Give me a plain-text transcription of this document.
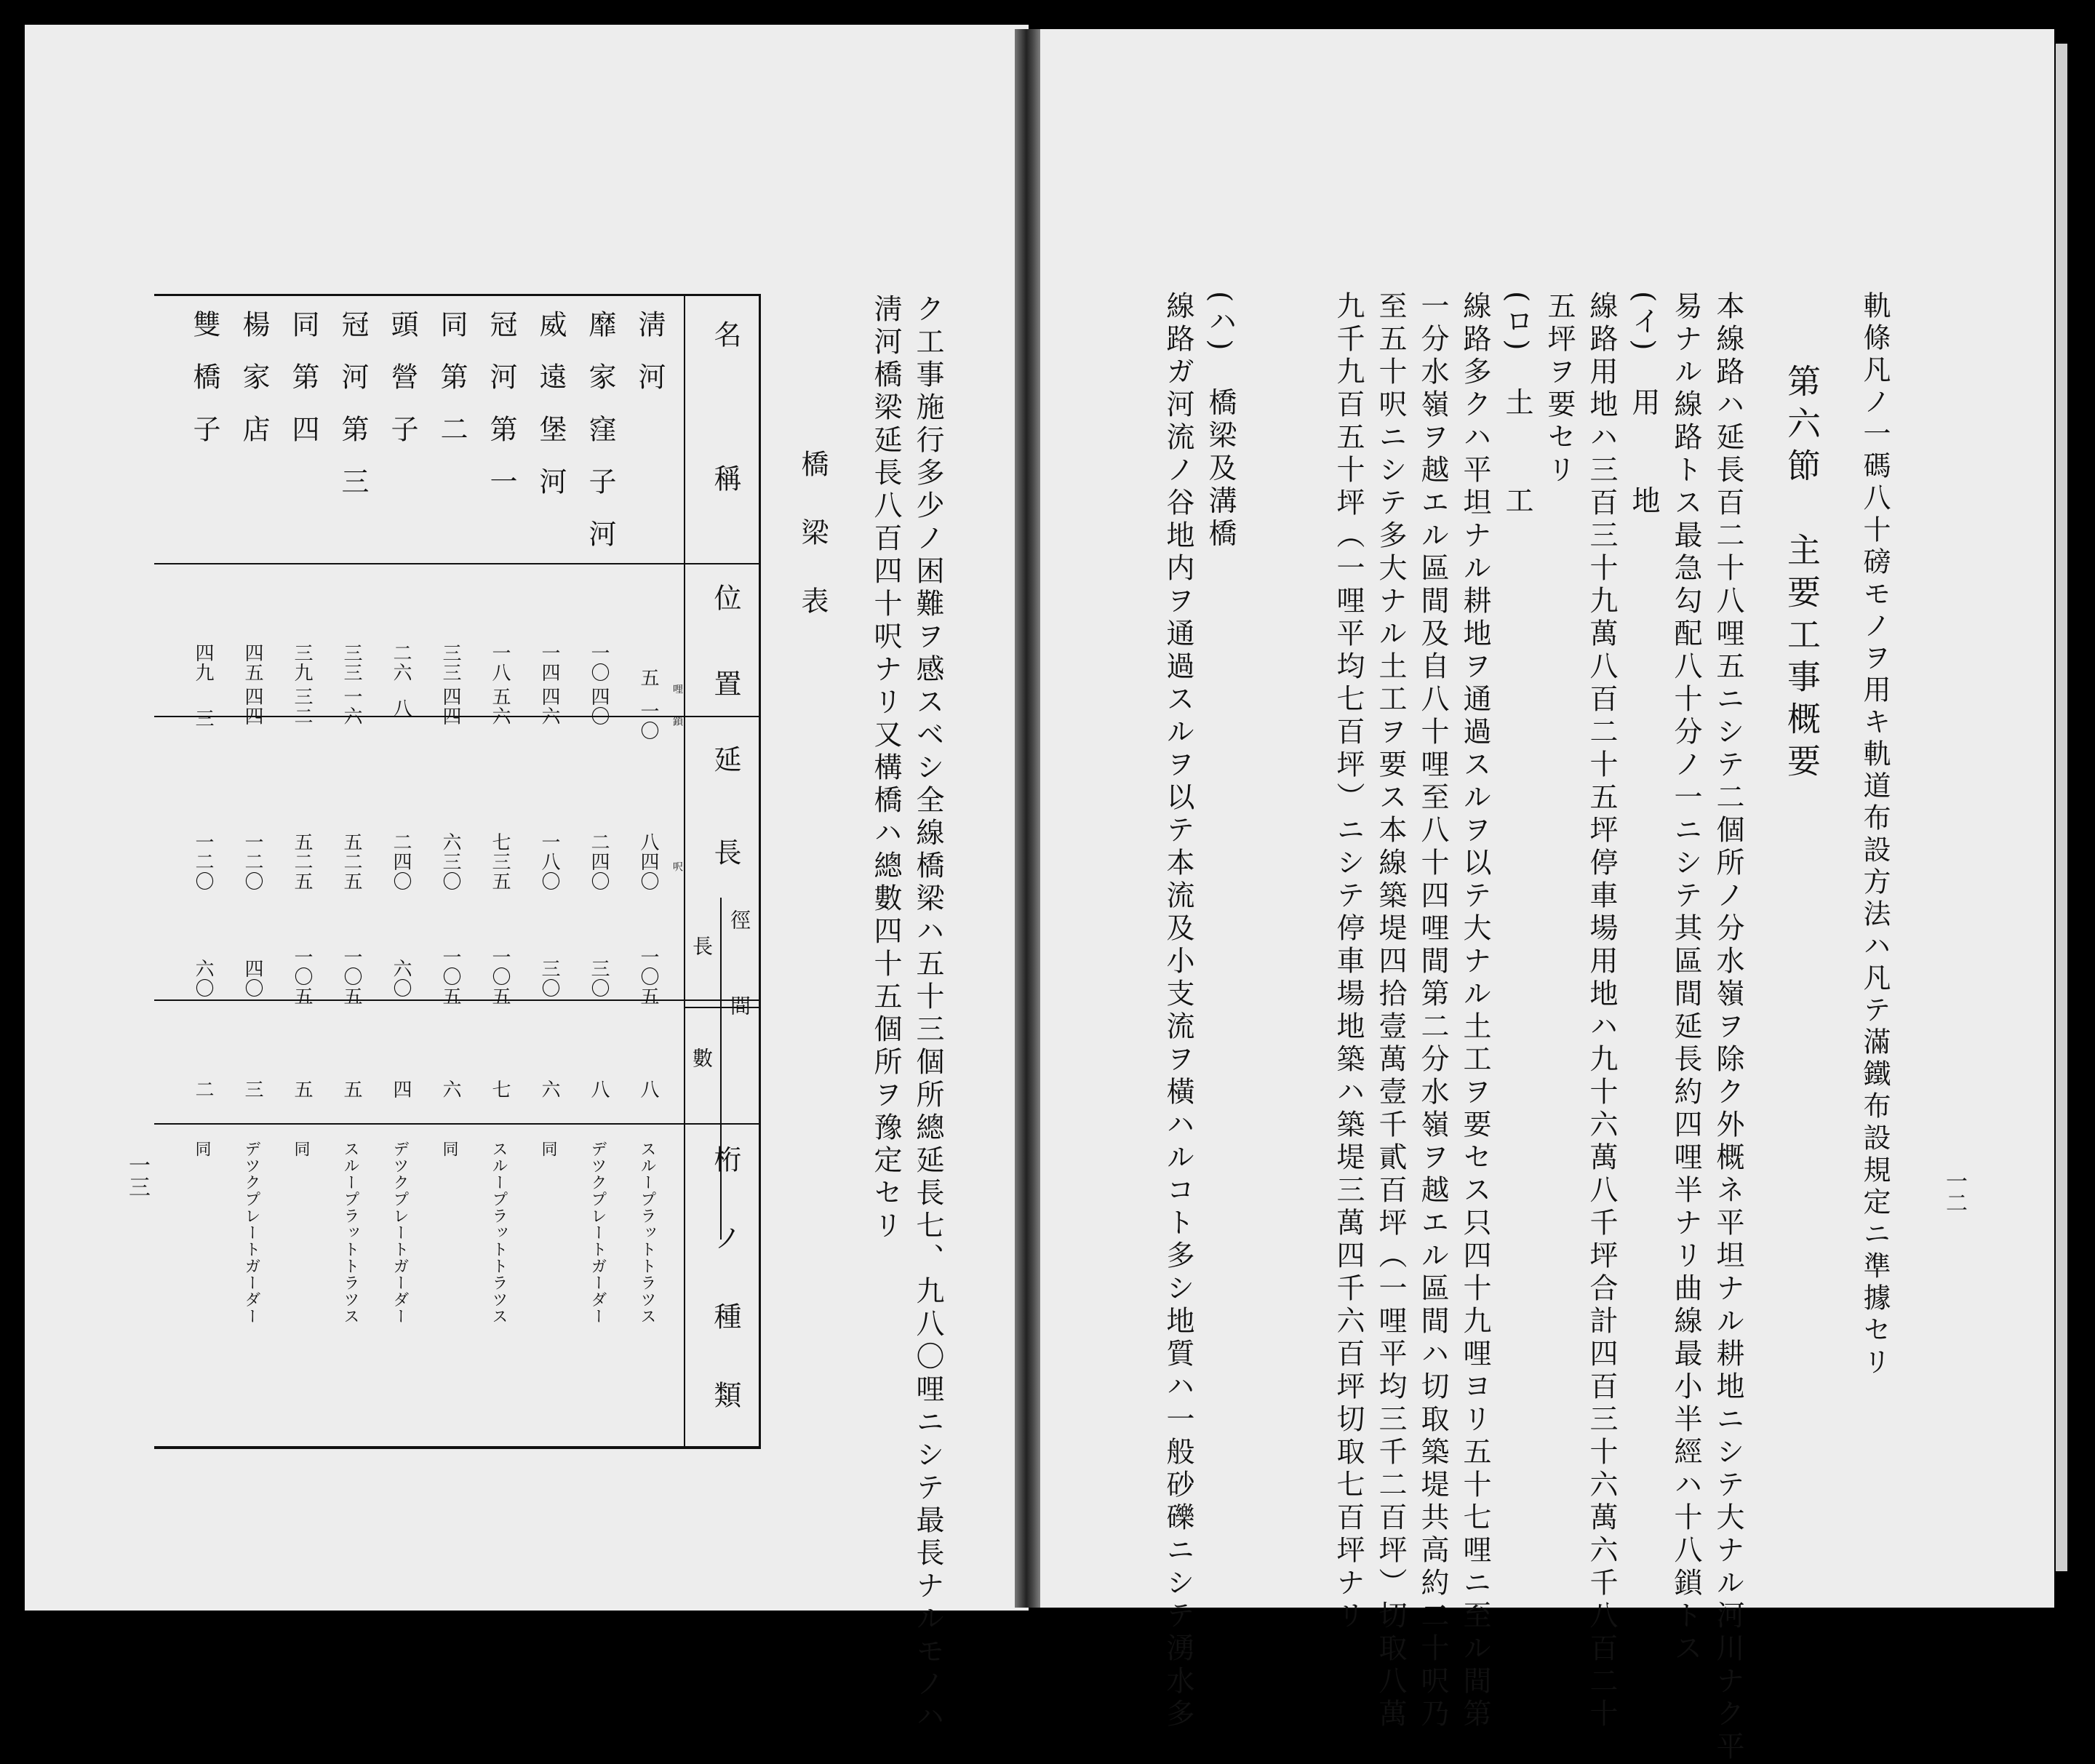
一二
軌條凡ノ一碼八十磅モノヲ用キ軌道布設方法ハ凡テ滿鐵布設規定ニ準據セリ
第六節　主要工事概要
本線路ハ延長百二十八哩五ニシテ二個所ノ分水嶺ヲ除ク外概ネ平坦ナル耕地ニシテ大ナル河川ナク平
易ナル線路トス最急勾配八十分ノ一ニシテ其區間延長約四哩半ナリ曲線最小半經ハ十八鎖トス
(イ)　用　　地
線路用地ハ三百三十九萬八百二十五坪停車場用地ハ九十六萬八千坪合計四百三十六萬六千八百二十
五坪ヲ要セリ
(ロ)　土　　工
線路多クハ平坦ナル耕地ヲ通過スルヲ以テ大ナル土工ヲ要セス只四十九哩ヨリ五十七哩ニ至ル間第
一分水嶺ヲ越エル區間及自八十哩至八十四哩間第二分水嶺ヲ越エル區間ハ切取築堤共高約二十呎乃
至五十呎ニシテ多大ナル土工ヲ要ス本線築堤四拾壹萬壹千貳百坪（一哩平均三千二百坪）切取八萬
九千九百五十坪（一哩平均七百坪）ニシテ停車場地築ハ築堤三萬四千六百坪切取七百坪ナリ
(ハ)　橋梁及溝橋
線路ガ河流ノ谷地内ヲ通過スルヲ以テ本流及小支流ヲ橫ハルコト多シ地質ハ一般砂礫ニシテ湧水多
ク工事施行多少ノ困難ヲ感スベシ全線橋梁ハ五十三個所總延長七、九八〇哩ニシテ最長ナルモノハ
淸河橋梁延長八百四十呎ナリ又構橋ハ總數四十五個所ヲ豫定セリ
橋梁表
一三
名稱
位置
延長
徑間
長
數
桁ノ種類
哩鎖
呎
淸河
五
一〇
八四〇
一〇五
八
スループラットトラツス
靡家窪子河
一〇
四〇
二四〇
三〇
八
デツクプレートガーダー
威遠堡河
一四
四六
一八〇
三〇
六
同
冠河第一
一八
五六
七三五
一〇五
七
スループラットトラツス
同第二
三三
四四
六三〇
一〇五
六
同
頭營子
二六
八
二四〇
六〇
四
デツクプレートガーダー
冠河第三
三三
一六
五二五
一〇五
五
スループラットトラツス
同第四
三九
三二
五二五
一〇五
五
同
楊家店
四五
四四
一二〇
四〇
三
デツクプレートガーダー
雙橋子
四九
三
一二〇
六〇
二
同
